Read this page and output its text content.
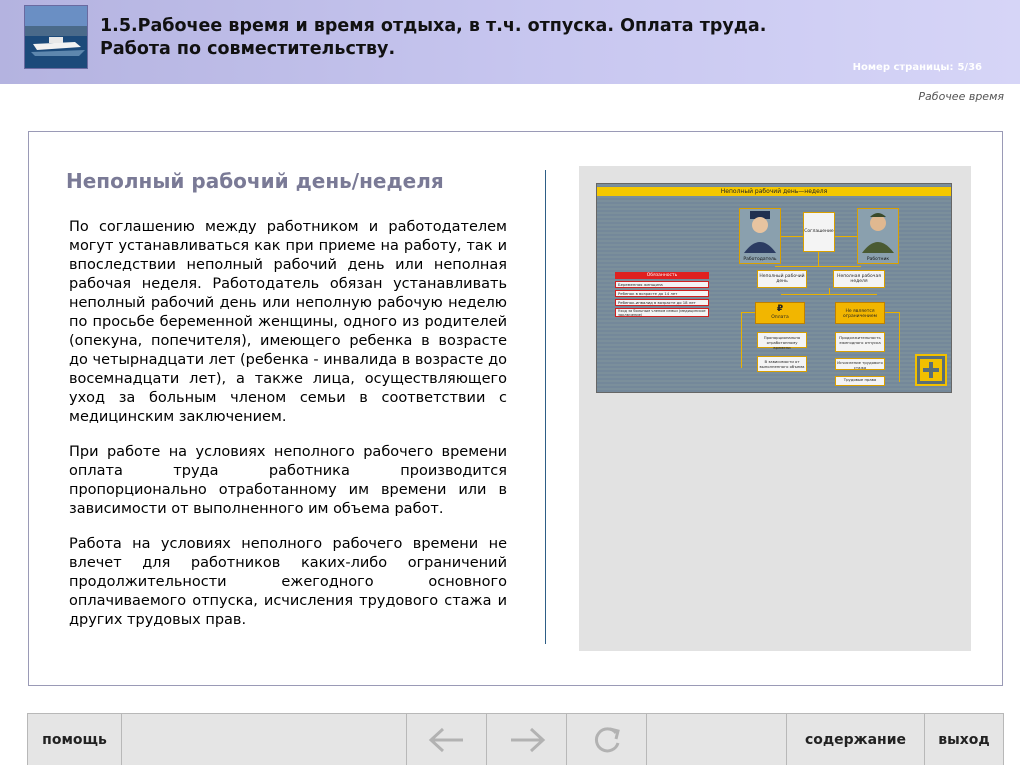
1.5.Рабочее время и время отдыха, в т.ч. отпуска. Оплата труда.
Работа по совместительству.
Номер страницы: 5/36
Рабочее время
Неполный рабочий день/неделя

По соглашению между работником и работодателем могут устанавливаться как при приеме на работу, так и впоследствии неполный рабочий день или неполная рабочая неделя. Работодатель обязан устанавливать неполный рабочий день или неполную рабочую неделю по просьбе беременной женщины, одного из родителей (опекуна, попечителя), имеющего ребенка в возрасте до четырнадцати лет (ребенка - инвалида в возрасте до восемнадцати лет), а также лица, осуществляющего уход за больным членом семьи в соответствии с медицинским заключением.

При работе на условиях неполного рабочего времени оплата труда работника производится пропорционально отработанному им времени или в зависимости от выполненного им объема работ.

Работа на условиях неполного рабочего времени не влечет для работников каких-либо ограничений продолжительности ежегодного основного оплачиваемого отпуска, исчисления трудового стажа и других трудовых прав.

Неполный рабочий день—неделя
Работодатель
Соглашение
Работник
Неполный рабочий день
Неполная рабочая неделя
Обязанность
Беременная женщина
Ребенок в возрасте до 14 лет
Ребенок-инвалид в возрасте до 18 лет
Уход за больным членом семьи (медицинское заключение)
₽
Оплата
Не является ограничением
Пропорционально отработанному времени
В зависимости от выполненного объема
Продолжительность ежегодного отпуска
Исчисление трудового стажа
Трудовые права
помощь	содержание выход
